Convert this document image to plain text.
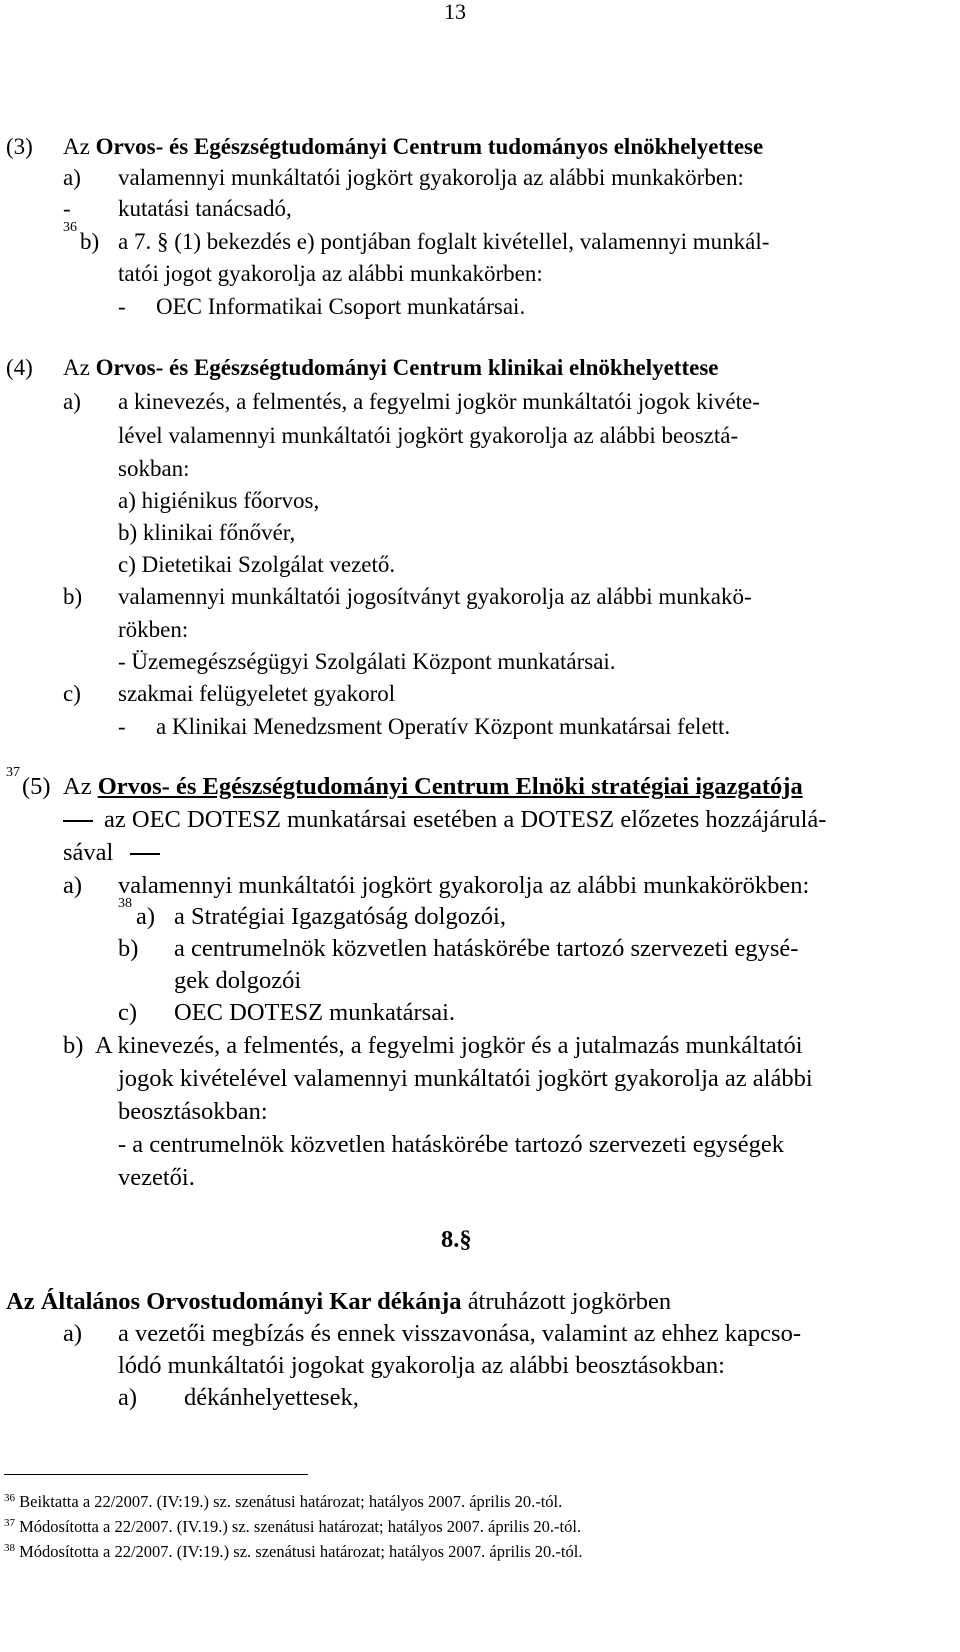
13
(3) Az Orvos- és Egészségtudományi Centrum tudományos elnökhelyettese
a) valamennyi munkáltatói jogkört gyakorolja az alábbi munkakörben:
- kutatási tanácsadó,
36
b) a 7. § (1) bekezdés e) pontjában foglalt kivétellel, valamennyi munkál-
tatói jogot gyakorolja az alábbi munkakörben:
- OEC Informatikai Csoport munkatársai.
(4) Az Orvos- és Egészségtudományi Centrum klinikai elnökhelyettese
a) a kinevezés, a felmentés, a fegyelmi jogkör munkáltatói jogok kivéte-
lével valamennyi munkáltatói jogkört gyakorolja az alábbi beosztá-
sokban:
a) higiénikus főorvos,
b) klinikai főnővér,
c) Dietetikai Szolgálat vezető.
b) valamennyi munkáltatói jogosítványt gyakorolja az alábbi munkakö-
rökben:
- Üzemegészségügyi Szolgálati Központ munkatársai.
c) szakmai felügyeletet gyakorol
- a Klinikai Menedzsment Operatív Központ munkatársai felett.
37
(5) Az Orvos- és Egészségtudományi Centrum Elnöki stratégiai igazgatója
az OEC DOTESZ munkatársai esetében a DOTESZ előzetes hozzájárulá-
sával
a) valamennyi munkáltatói jogkört gyakorolja az alábbi munkakörökben:
38 a) a Stratégiai Igazgatóság dolgozói,
b) a centrumelnök közvetlen hatáskörébe tartozó szervezeti egysé-
gek dolgozói
c) OEC DOTESZ munkatársai.
b) A kinevezés, a felmentés, a fegyelmi jogkör és a jutalmazás munkáltatói
jogok kivételével valamennyi munkáltatói jogkört gyakorolja az alábbi
beosztásokban:
- a centrumelnök közvetlen hatáskörébe tartozó szervezeti egységek
vezetői.
8.§
Az Általános Orvostudományi Kar dékánja átruházott jogkörben
a) a vezetői megbízás és ennek visszavonása, valamint az ehhez kapcso-
lódó munkáltatói jogokat gyakorolja az alábbi beosztásokban:
a) dékánhelyettesek,
$^{36}$ Beiktatta a 22/2007. (IV:19.) sz. szenátusi határozat; hatályos 2007. április 20.-tól.
$^{37}$ Módosította a 22/2007. (IV.19.) sz. szenátusi határozat; hatályos 2007. április 20.-tól.
$^{38}$ Módosította a 22/2007. (IV:19.) sz. szenátusi határozat; hatályos 2007. április 20.-tól.
